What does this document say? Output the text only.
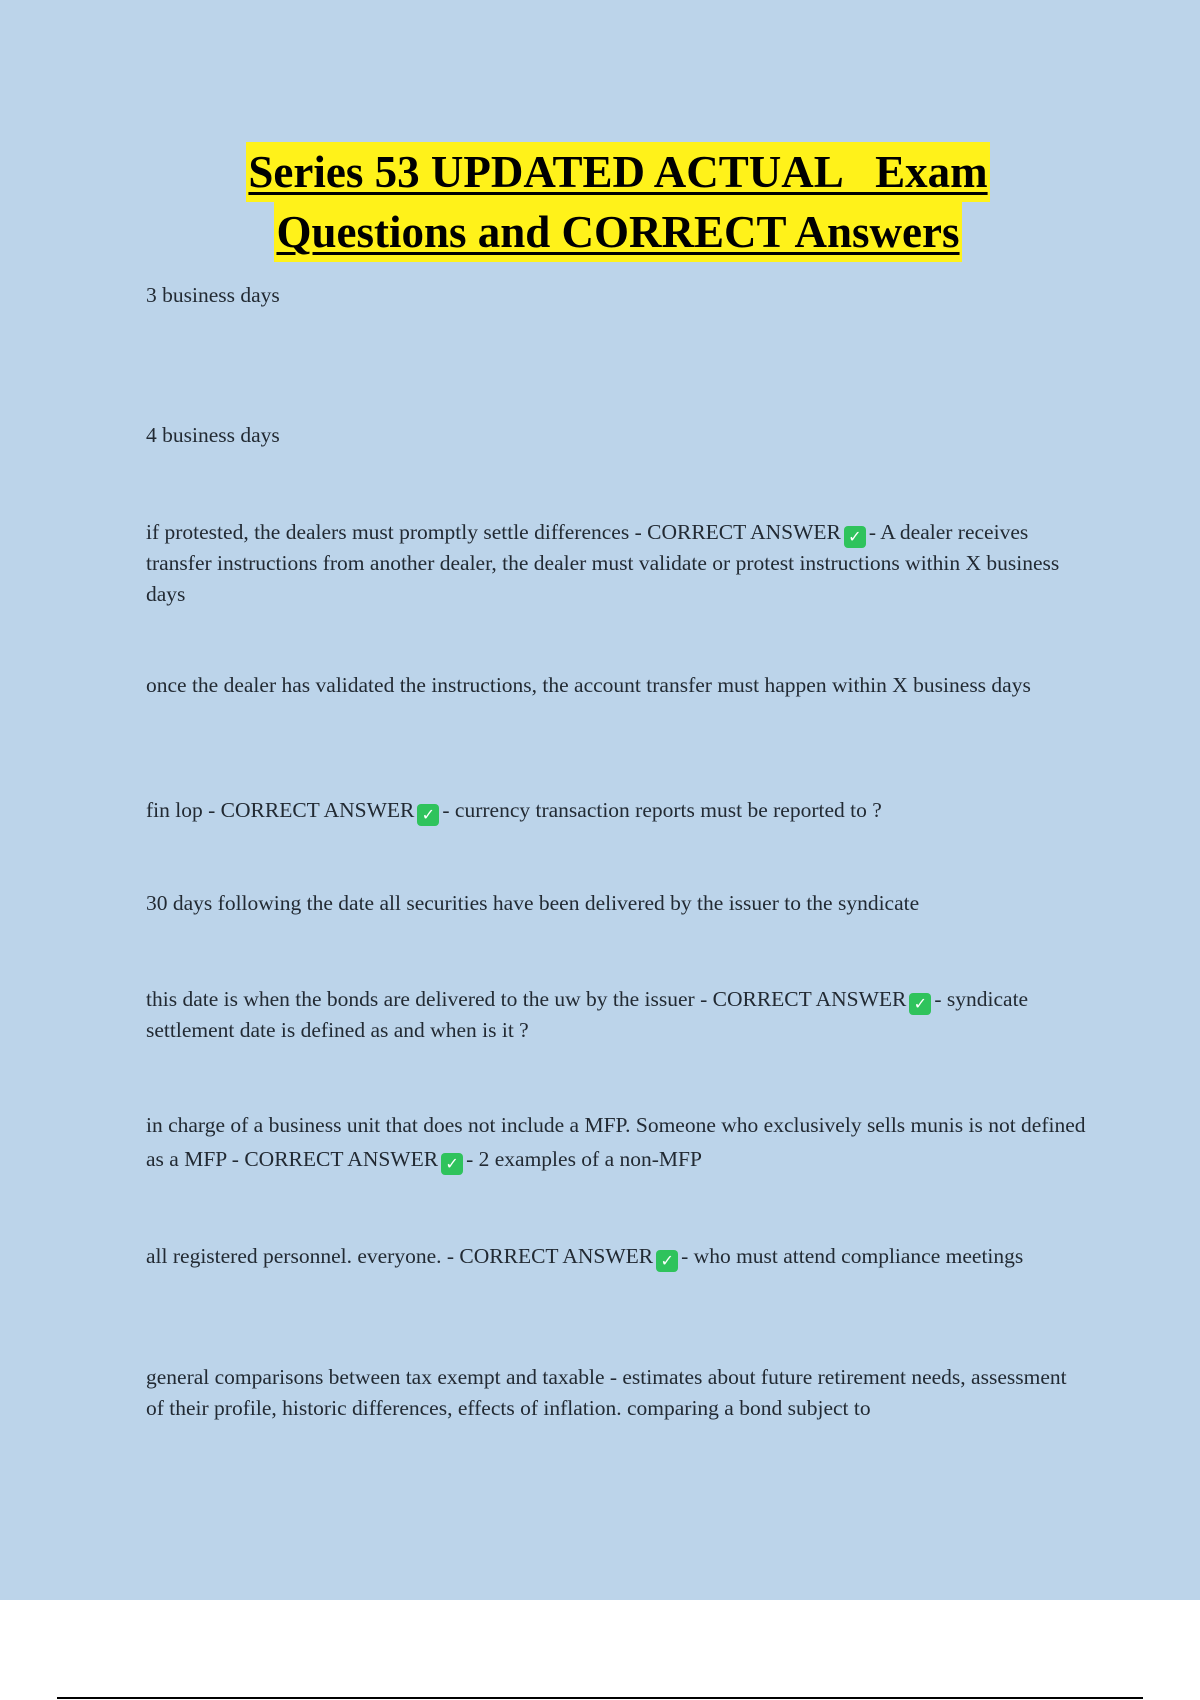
Series 53 UPDATED ACTUAL   Exam
Questions and CORRECT Answers
3 business days
4 business days
if protested, the dealers must promptly settle differences - CORRECT ANSWER ✓ - A dealer receives transfer instructions from another dealer, the dealer must validate or protest instructions within X business days
once the dealer has validated the instructions, the account transfer must happen within X business days
fin lop - CORRECT ANSWER ✓ - currency transaction reports must be reported to ?
30 days following the date all securities have been delivered by the issuer to the syndicate
this date is when the bonds are delivered to the uw by the issuer - CORRECT ANSWER ✓ - syndicate settlement date is defined as and when is it ?
in charge of a business unit that does not include a MFP. Someone who exclusively sells munis is not defined as a MFP - CORRECT ANSWER ✓ - 2 examples of a non-MFP
all registered personnel. everyone. - CORRECT ANSWER ✓ - who must attend compliance meetings
general comparisons between tax exempt and taxable - estimates about future retirement needs, assessment of their profile, historic differences, effects of inflation. comparing a bond subject to
